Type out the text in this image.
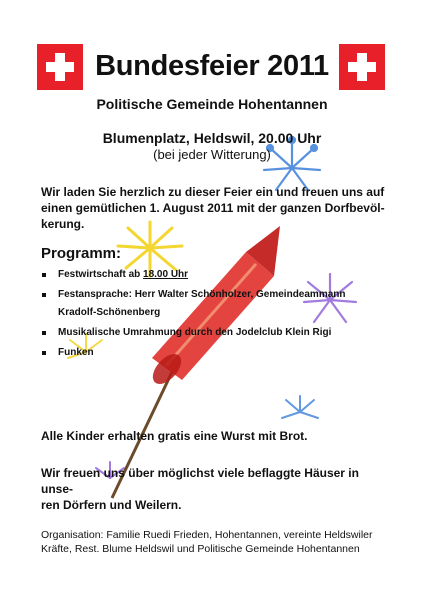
Bundesfeier 2011
Politische Gemeinde Hohentannen
Blumenplatz, Heldswil, 20.00 Uhr
(bei jeder Witterung)

Wir laden Sie herzlich zu dieser Feier ein und freuen uns auf

einen gemütlichen 1. August 2011 mit der ganzen Dorfbevöl-

kerung.

Programm:
Festwirtschaft ab 18.00 Uhr
Festansprache: Herr Walter Schönholzer, Gemeindeammann
Kradolf-Schönenberg
Musikalische Umrahmung durch den Jodelclub Klein Rigi
Funken

Alle Kinder erhalten gratis eine Wurst mit Brot.

Wir freuen uns über möglichst viele beflaggte Häuser in unse-

ren Dörfern und Weilern.

Organisation: Familie Ruedi Frieden, Hohentannen, vereinte Heldswiler
Kräfte, Rest. Blume Heldswil und Politische Gemeinde Hohentannen
